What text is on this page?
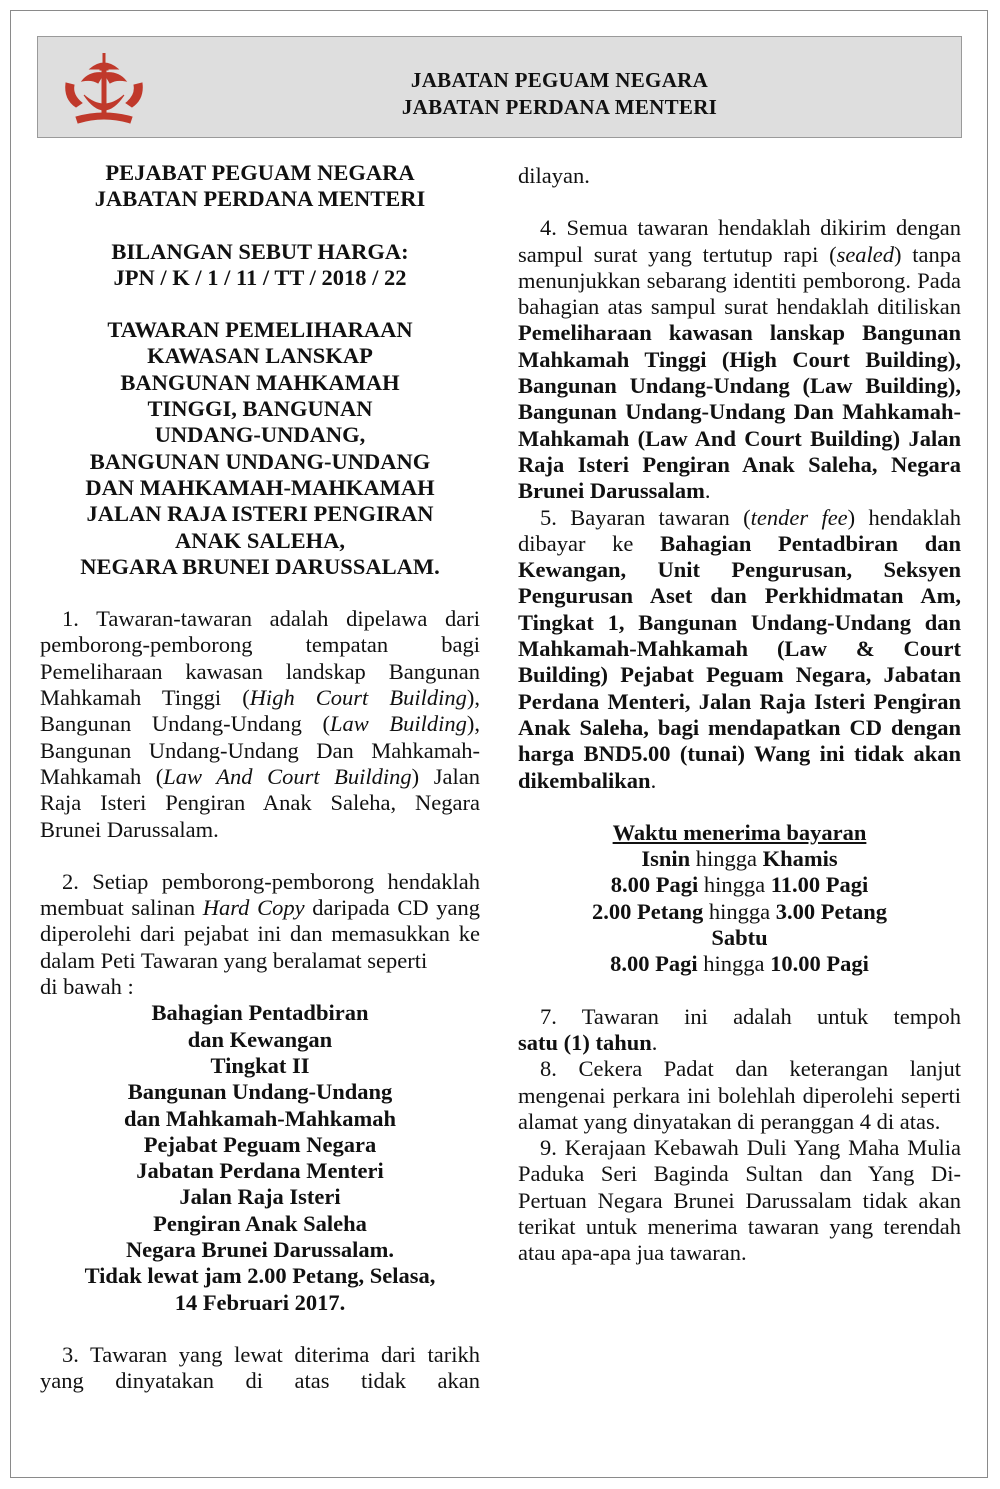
JABATAN PEGUAM NEGARA
JABATAN PERDANA MENTERI
PEJABAT PEGUAM NEGARA
JABATAN PERDANA MENTERI
BILANGAN SEBUT HARGA:
JPN / K / 1 / 11 / TT / 2018 / 22
TAWARAN PEMELIHARAAN
KAWASAN LANSKAP
BANGUNAN MAHKAMAH
TINGGI, BANGUNAN
UNDANG-UNDANG,
BANGUNAN UNDANG-UNDANG
DAN MAHKAMAH-MAHKAMAH
JALAN RAJA ISTERI PENGIRAN
ANAK SALEHA,
NEGARA BRUNEI DARUSSALAM.

1. Tawaran-tawaran adalah dipelawa dari pemborong-pemborong tempatan bagi Pemeliharaan kawasan landskap Bangunan Mahkamah Tinggi (High Court Building), Bangunan Undang-Undang (Law Building), Bangunan Undang-Undang Dan Mahkamah-Mahkamah (Law And Court Building) Jalan Raja Isteri Pengiran Anak Saleha, Negara Brunei Darussalam.

2. Setiap pemborong-pemborong hendaklah membuat salinan Hard Copy daripada CD yang diperolehi dari pejabat ini dan memasukkan ke dalam Peti Tawaran yang beralamat seperti

di bawah :

Bahagian Pentadbiran
dan Kewangan
Tingkat II
Bangunan Undang-Undang
dan Mahkamah-Mahkamah
Pejabat Peguam Negara
Jabatan Perdana Menteri
Jalan Raja Isteri
Pengiran Anak Saleha
Negara Brunei Darussalam.
Tidak lewat jam 2.00 Petang, Selasa,
14 Februari 2017.

3. Tawaran yang lewat diterima dari tarikh yang dinyatakan di atas tidak akan

dilayan.

4. Semua tawaran hendaklah dikirim dengan sampul surat yang tertutup rapi (sealed) tanpa menunjukkan sebarang identiti pemborong. Pada bahagian atas sampul surat hendaklah ditiliskan Pemeliharaan kawasan lanskap Bangunan Mahkamah Tinggi (High Court Building), Bangunan Undang-Undang (Law Building), Bangunan Undang-Undang Dan Mahkamah-Mahkamah (Law And Court Building) Jalan Raja Isteri Pengiran Anak Saleha, Negara Brunei Darussalam.

5. Bayaran tawaran (tender fee) hendaklah dibayar ke Bahagian Pentadbiran dan Kewangan, Unit Pengurusan, Seksyen Pengurusan Aset dan Perkhidmatan Am, Tingkat 1, Bangunan Undang-Undang dan Mahkamah-Mahkamah (Law & Court Building) Pejabat Peguam Negara, Jabatan Perdana Menteri, Jalan Raja Isteri Pengiran Anak Saleha, bagi mendapatkan CD dengan harga BND5.00 (tunai) Wang ini tidak akan dikembalikan.

Waktu menerima bayaran
Isnin hingga Khamis
8.00 Pagi hingga 11.00 Pagi
2.00 Petang hingga 3.00 Petang
Sabtu
8.00 Pagi hingga 10.00 Pagi

7. Tawaran ini adalah untuk tempoh

satu (1) tahun.

8. Cekera Padat dan keterangan lanjut mengenai perkara ini bolehlah diperolehi seperti alamat yang dinyatakan di peranggan 4 di atas.

9. Kerajaan Kebawah Duli Yang Maha Mulia Paduka Seri Baginda Sultan dan Yang Di-Pertuan Negara Brunei Darussalam tidak akan terikat untuk menerima tawaran yang terendah atau apa-apa jua tawaran.
